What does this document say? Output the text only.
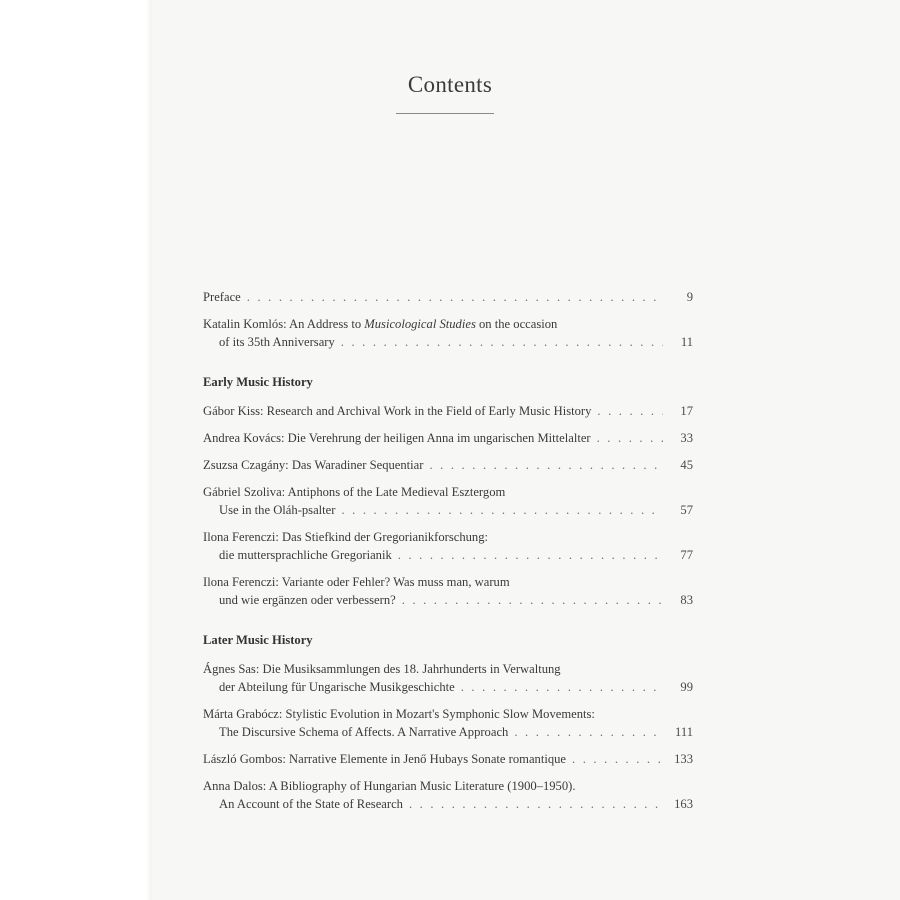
Contents
Preface . . .	9
Katalin Komlós: An Address to Musicological Studies on the occasion
of its 35th Anniversary . . .	11
Early Music History
Gábor Kiss: Research and Archival Work in the Field of Early Music History . . .	17
Andrea Kovács: Die Verehrung der heiligen Anna im ungarischen Mittelalter . . .	33
Zsuzsa Czagány: Das Waradiner Sequentiar . . .	45
Gábriel Szoliva: Antiphons of the Late Medieval Esztergom
Use in the Oláh-psalter . . .	57
Ilona Ferenczi: Das Stiefkind der Gregorianikforschung:
die muttersprachliche Gregorianik . . .	77
Ilona Ferenczi: Variante oder Fehler? Was muss man, warum
und wie ergänzen oder verbessern? . . .	83
Later Music History
Ágnes Sas: Die Musiksammlungen des 18. Jahrhunderts in Verwaltung
der Abteilung für Ungarische Musikgeschichte . . .	99
Márta Grabócz: Stylistic Evolution in Mozart's Symphonic Slow Movements:
The Discursive Schema of Affects. A Narrative Approach . . .	111
László Gombos: Narrative Elemente in Jenő Hubays Sonate romantique . . .	133
Anna Dalos: A Bibliography of Hungarian Music Literature (1900–1950).
An Account of the State of Research . . .	163
